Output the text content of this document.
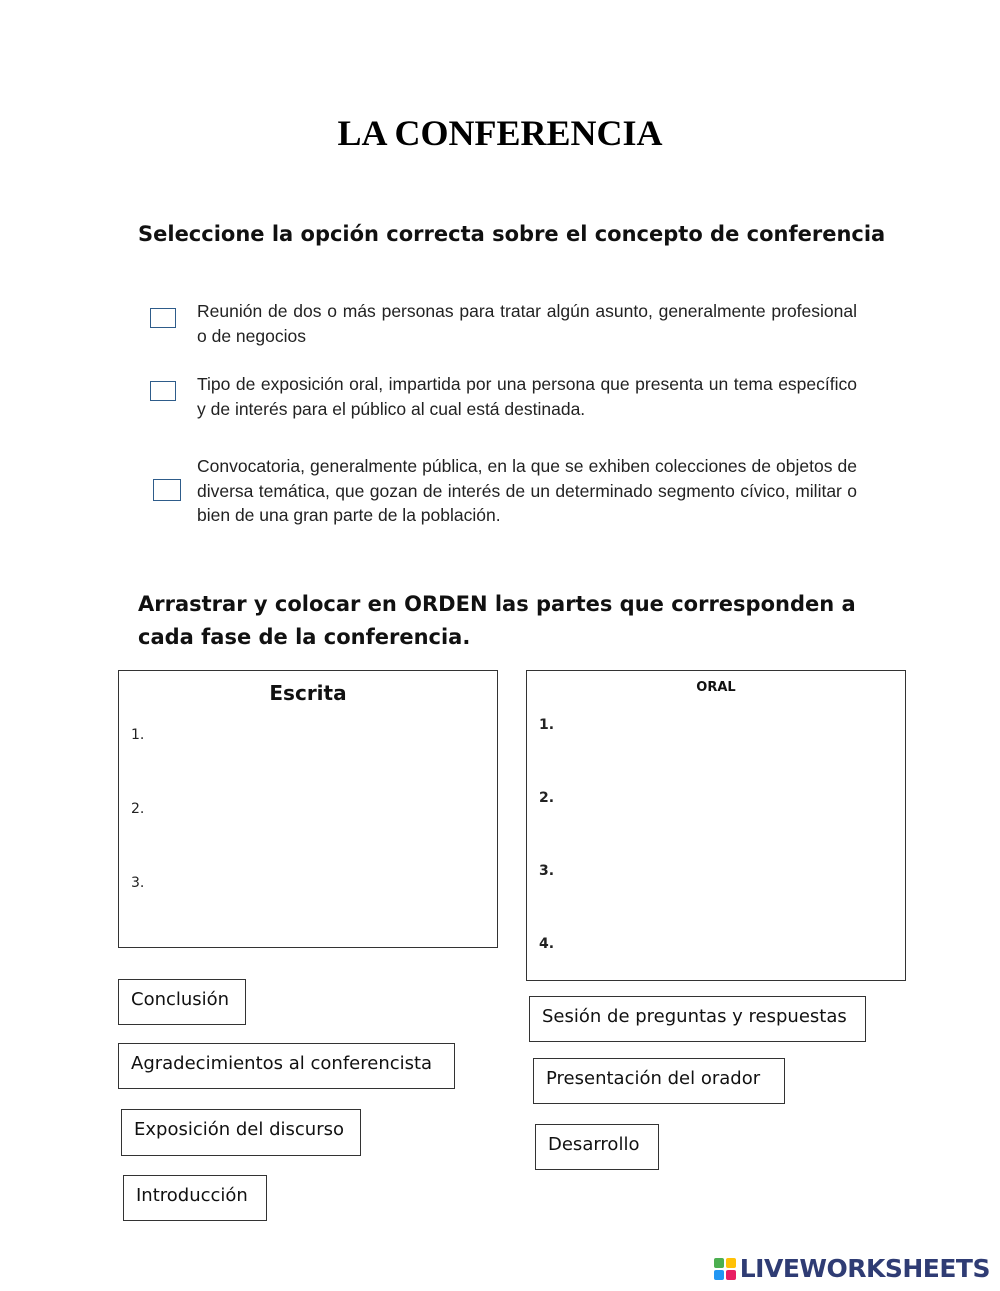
LA CONFERENCIA
Seleccione la opción correcta sobre el concepto de conferencia
Reunión de dos o más personas para tratar algún asunto, generalmente profesional o de negocios
Tipo de exposición oral, impartida por una persona que presenta un tema específico y de interés para el público al cual está destinada.
Convocatoria, generalmente pública, en la que se exhiben colecciones de objetos de diversa temática, que gozan de interés de un determinado segmento cívico, militar o bien de una gran parte de la población.
Arrastrar y colocar en ORDEN las partes que corresponden a cada fase de la conferencia.
Escrita
1.
2.
3.
ORAL
1.
2.
3.
4.
Conclusión
Agradecimientos al conferencista
Exposición del discurso
Introducción
Sesión de preguntas y respuestas
Presentación del orador
Desarrollo
LIVEWORKSHEETS
